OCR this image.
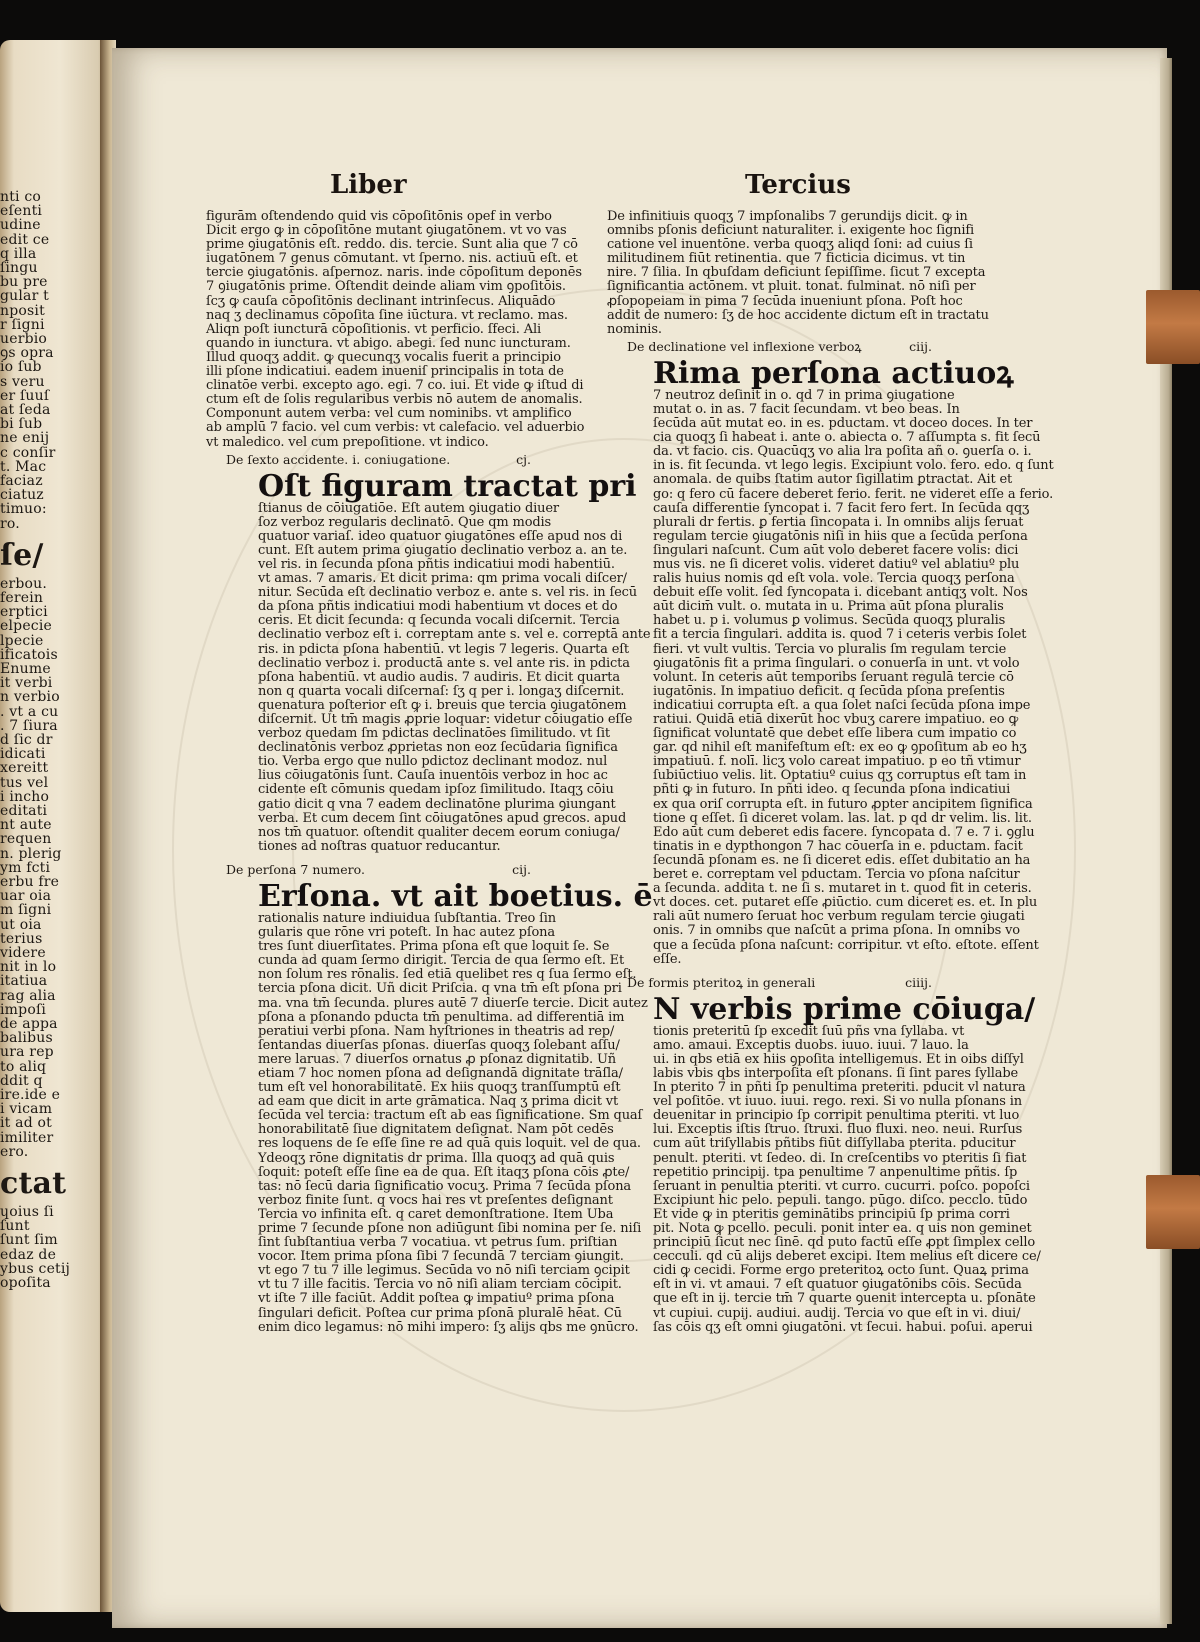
nti co
eſenti
udine
edit ce
q illa
ſingu
bu pre
gular t
nposit
r ſigni
uerbio
ꝯs opra
io ſub
s veru
er ſuuſ
at ſeda
bi ſub
ne enij
c conſir
t. Mac
faciaz
ciatuz
timuo:
ro.
ſe/
erbou.
ferein
erptici
elpecie
lpecie
ificatois
Enume
it verbi
n verbio
. vt a cu
. 7 ſiura
d ſic dr
idicati
xereitt
tus vel
i incho
editati
nt aute
requen
n. plerig
ym fcti
erbu fre
uar oia
m ſigni
ut oia
terius
videre
nit in lo
itatiua
rag alia
impoſi
de appa
balibus
ura rep
to aliq
ddit q
ire.ide e
i vicam
it ad ot
imiliter
ero.
ctat
ɥoius ſi
ſunt
ſunt ſim
edaz de
ybus cetij
opoſita
Liber	Tercius
figurām oſtendendo quid vis cōpoſitōnis opef in verbo
Dicit ergo ꝙ in cōpoſitōne mutant ꝯiugatōnem. vt vo vas
prime ꝯiugatōnis eſt. reddo. dis. tercie. Sunt alia que 7 cō
iugatōnem 7 genus cōmutant. vt ſperno. nis. actiuū eſt. et
tercie ꝯiugatōnis. aſpernoz. naris. inde cōpoſitum deponēs
7 ꝯiugatōnis prime. Oſtendit deinde aliam vim ꝯpoſitōis.
ſcʒ ꝙ cauſa cōpoſitōnis declinant intrinſecus. Aliquādo
naq ʒ declinamus cōpoſita ſine iūctura. vt reclamo. mas.
Aliqn poſt iuncturā cōpoſitionis. vt perficio. ſfeci. Ali
quando in iunctura. vt abigo. abegi. ſed nunc iuncturam.
Illud quoqʒ addit. ꝙ quecunqʒ vocalis fuerit a principio
illi pſone indicatiui. eadem inueniſ principalis in tota de
clinatōe verbi. excepto ago. egi. 7 co. iui. Et vide ꝙ iſtud di
ctum eſt de ſolis regularibus verbis nō autem de anomalis.
Componunt autem verba: vel cum nominibs. vt amplifico
ab amplū 7 facio. vel cum verbis: vt calefacio. vel aduerbio
vt maledico. vel cum prepoſitione. vt indico.
De ſexto accidente. i. coniugatione.	cj.
Oſt figuram tractat pri
ſtianus de cōiugatiōe. Eſt autem ꝯiugatio diuer
ſoz verboz regularis declinatō. Que qm modis
quatuor variaſ. ideo quatuor ꝯiugatōnes eſſe apud nos di
cunt. Eſt autem prima ꝯiugatio declinatio verboz a. an te.
vel ris. in ſecunda pſona pñtis indicatiui modi habentiū.
vt amas. 7 amaris. Et dicit prima: qm prima vocali diſcer/
nitur. Secūda eſt declinatio verboz e. ante s. vel ris. in ſecū
da pſona pñtis indicatiui modi habentium vt doces et do
ceris. Et dicit ſecunda: q ſecunda vocali diſcernit. Tercia
declinatio verboz eſt i. correptam ante s. vel e. correptā ante
ris. in pdicta pſona habentiū. vt legis 7 legeris. Quarta eſt
declinatio verboz i. productā ante s. vel ante ris. in pdicta
pſona habentiū. vt audio audis. 7 audiris. Et dicit quarta
non q quarta vocali diſcernaſ: ſʒ q per i. longaʒ diſcernit.
quenatura poſterior eſt ꝙ i. breuis que tercia ꝯiugatōnem
diſcernit. Ut tm̄ magis ꝓprie loquar: videtur cōiugatio eſſe
verboz quedam ſm pdictas declinatōes ſimilitudo. vt ſit
declinatōnis verboz ꝓprietas non eoz ſecūdaria ſignifica
tio. Verba ergo que nullo pdictoz declinant modoz. nul
lius cōiugatōnis ſunt. Cauſa inuentōis verboz in hoc ac
cidente eſt cōmunis quedam ipſoz ſimilitudo. Itaqʒ cōiu
gatio dicit q vna 7 eadem declinatōne plurima ꝯiungant
verba. Et cum decem ſint cōiugatōnes apud grecos. apud
nos tm̄ quatuor. oſtendit qualiter decem eorum coniuga/
tiones ad noſtras quatuor reducantur.
De perſona 7 numero.	cij.
Erſona. vt ait boetius. ē
rationalis nature indiuidua ſubſtantia. Treo ſin
gularis que rōne vri poteſt. In hac autez pſona
tres ſunt diuerſitates. Prima pſona eſt que loquit ſe. Se
cunda ad quam ſermo dirigit. Tercia de qua ſermo eſt. Et
non ſolum res rōnalis. ſed etiā quelibet res q ſua ſermo eſt.
tercia pſona dicit. Uñ dicit Priſcia. q vna tm̄ eſt pſona pri
ma. vna tm̄ ſecunda. plures autē 7 diuerſe tercie. Dicit autez
pſona a pſonando pducta tm̄ penultima. ad differentiā im
peratiui verbi pſona. Nam hyſtriones in theatris ad rep/
ſentandas diuerſas pſonas. diuerſas quoqʒ ſolebant aſſu/
mere laruas. 7 diuerſos ornatus ꝓ pſonaz dignitatib. Uñ
etiam 7 hoc nomen pſona ad deſignandā dignitate trāſla/
tum eſt vel honorabilitatē. Ex hiis quoqʒ tranſſumptū eſt
ad eam que dicit in arte grāmatica. Naq ʒ prima dicit vt
ſecūda vel tercia: tractum eſt ab eas ſignificatione. Sm quaſ
honorabilitatē ſiue dignitatem deſignat. Nam pōt cedēs
res loquens de ſe eſſe ſine re ad quā quis loquit. vel de qua.
Ydeoqʒ rōne dignitatis dr prima. Illa quoqʒ ad quā quis
ſoquit: poteſt eſſe ſine ea de qua. Eſt itaqʒ pſona cōis ꝓte/
tas: nō ſecū daria ſignificatio vocuʒ. Prima 7 ſecūda pſona
verboz finite ſunt. q vocs hai res vt preſentes deſignant
Tercia vo infinita eſt. q caret demonſtratione. Item Uba
prime 7 ſecunde pſone non adiūgunt ſibi nomina per ſe. niſi
ſint ſubſtantiua verba 7 vocatiua. vt petrus ſum. priſtian
vocor. Item prima pſona ſibi 7 ſecundā 7 terciam ꝯiungit.
vt ego 7 tu 7 ille legimus. Secūda vo nō niſi terciam ꝯcipit
vt tu 7 ille facitis. Tercia vo nō niſi aliam terciam cōcipit.
vt iſte 7 ille faciūt. Addit poſtea ꝙ impatiuº prima pſona
ſingulari deficit. Poſtea cur prima pſonā pluralē hēat. Cū
enim dico legamus: nō mihi impero: ſʒ alijs qbs me ꝯnūcro.
De infinitiuis quoqʒ 7 impſonalibs 7 gerundijs dicit. ꝙ in
omnibs pſonis deficiunt naturaliter. i. exigente hoc ſignifi
catione vel inuentōne. verba quoqʒ aliqd ſoni: ad cuius ſi
militudinem fiūt retinentia. que 7 ficticia dicimus. vt tin
nire. 7 ſilia. In qbuſdam deficiunt ſepiſſime. ſicut 7 excepta
ſignificantia actōnem. vt pluit. tonat. fulminat. nō niſi per
ꝓſopopeiam in pima 7 ſecūda inueniunt pſona. Poſt hoc
addit de numero: ſʒ de hoc accidente dictum eſt in tractatu
nominis.
De declinatione vel inflexione verboꝝ	ciij.
Rima perſona actiuoꝝ
7 neutroz deſinit in o. qd 7 in prima ꝯiugatione
mutat o. in as. 7 facit ſecundam. vt beo beas. In
ſecūda aūt mutat eo. in es. pductam. vt doceo doces. In ter
cia quoqʒ ſi habeat i. ante o. abiecta o. 7 aſſumpta s. fit ſecū
da. vt facio. cis. Quacūqʒ vo alia lra poſita añ o. ꝯuerſa o. i.
in is. fit ſecunda. vt lego legis. Excipiunt volo. fero. edo. q ſunt
anomala. de quibs ſtatim autor ſigillatim ꝑtractat. Ait et
go: q fero cū facere deberet ferio. ferit. ne videret eſſe a ferio.
cauſa differentie ſyncopat i. 7 facit fero fert. In ſecūda qqʒ
plurali dr fertis. ꝑ fertia ſincopata i. In omnibs alijs ſeruat
regulam tercie ꝯiugatōnis niſi in hiis que a ſecūda perſona
ſingulari naſcunt. Cum aūt volo deberet facere volis: dici
mus vis. ne ſi diceret volis. videret datiuº vel ablatiuº plu
ralis huius nomis qd eſt vola. vole. Tercia quoqʒ perſona
debuit eſſe volit. ſed ſyncopata i. dicebant antiqʒ volt. Nos
aūt dicim̄ vult. o. mutata in u. Prima aūt pſona pluralis
habet u. p i. volumus ꝑ volimus. Secūda quoqʒ pluralis
fit a tercia ſingulari. addita is. quod 7 i ceteris verbis ſolet
fieri. vt vult vultis. Tercia vo pluralis ſm regulam tercie
ꝯiugatōnis fit a prima ſingulari. o conuerſa in unt. vt volo
volunt. In ceteris aūt temporibs ſeruant regulā tercie cō
iugatōnis. In impatiuo deficit. q ſecūda pſona preſentis
indicatiui corrupta eſt. a qua ſolet naſci ſecūda pſona impe
ratiui. Quidā etiā dixerūt hoc vbuʒ carere impatiuo. eo ꝙ
ſignificat voluntatē que debet eſſe libera cum impatio co
gar. qd nihil eſt manifeſtum eſt: ex eo ꝙ ꝯpoſitum ab eo hʒ
impatiuū. f. nolī. licʒ volo careat impatiuo. p eo tñ vtimur
ſubiūctiuo velis. lit. Optatiuº cuius qʒ corruptus eſt tam in
pñti ꝙ in futuro. In pñti ideo. q ſecunda pſona indicatiui
ex qua oriſ corrupta eſt. in futuro ꝓpter ancipitem ſignifica
tione q eſſet. ſi diceret volam. las. lat. p qd dr velim. lis. lit.
Edo aūt cum deberet edis facere. ſyncopata d. 7 e. 7 i. ꝯglu
tinatis in e dypthongon 7 hac cōuerſa in e. pductam. facit
ſecundā pſonam es. ne ſi diceret edis. eſſet dubitatio an ha
beret e. correptam vel pductam. Tercia vo pſona naſcitur
a ſecunda. addita t. ne ſi s. mutaret in t. quod fit in ceteris.
vt doces. cet. putaret eſſe ꝓiūctio. cum diceret es. et. In plu
rali aūt numero ſeruat hoc verbum regulam tercie ꝯiugati
onis. 7 in omnibs que naſcūt a prima pſona. In omnibs vo
que a ſecūda pſona naſcunt: corripitur. vt eſto. eſtote. eſſent
eſſe.
De formis pteritoꝝ in generali	ciiij.
N verbis prime cōiuga/
tionis preteritū ſp excedit ſuū pñs vna ſyllaba. vt
amo. amaui. Exceptis duobs. iuuo. iuui. 7 lauo. la
ui. in qbs etiā ex hiis ꝯpoſita intelligemus. Et in oibs diſſyl
labis vbis qbs interpoſita eſt pſonans. ſi ſint pares ſyllabe
In pterito 7 in pñti ſp penultima preteriti. pducit vl natura
vel poſitōe. vt iuuo. iuui. rego. rexi. Si vo nulla pſonans in
deuenitar in principio ſp corripit penultima pteriti. vt luo
lui. Exceptis iſtis ſtruo. ſtruxi. fluo fluxi. neo. neui. Rurſus
cum aūt triſyllabis pñtibs fiūt diſſyllaba pterita. pducitur
penult. pteriti. vt ſedeo. di. In creſcentibs vo pteritis ſi fiat
repetitio principij. tpa penultime 7 anpenultime pñtis. ſp
ſeruant in penultia pteriti. vt curro. cucurri. poſco. popoſci
Excipiunt hic pelo. pepuli. tango. pūgo. diſco. pecclo. tūdo
Et vide ꝙ in pteritis geminātibs principiū ſp prima corri
pit. Nota ꝙ pcello. peculi. ponit inter ea. q uis non geminet
principiū ſicut nec ſinē. qd puto factū eſſe ꝓpt ſimplex cello
cecculi. qd cū alijs deberet excipi. Item melius eſt dicere ce/
cidi ꝙ cecidi. Forme ergo preteritoꝝ octo ſunt. Quaꝝ prima
eſt in vi. vt amaui. 7 eſt quatuor ꝯiugatōnibs cōis. Secūda
que eſt in ij. tercie tm̄ 7 quarte ꝯuenit intercepta u. pſonāte
vt cupiui. cupij. audiui. audij. Tercia vo que eſt in vi. diui/
ſas cōis qʒ eſt omni ꝯiugatōni. vt ſecui. habui. poſui. aperui
